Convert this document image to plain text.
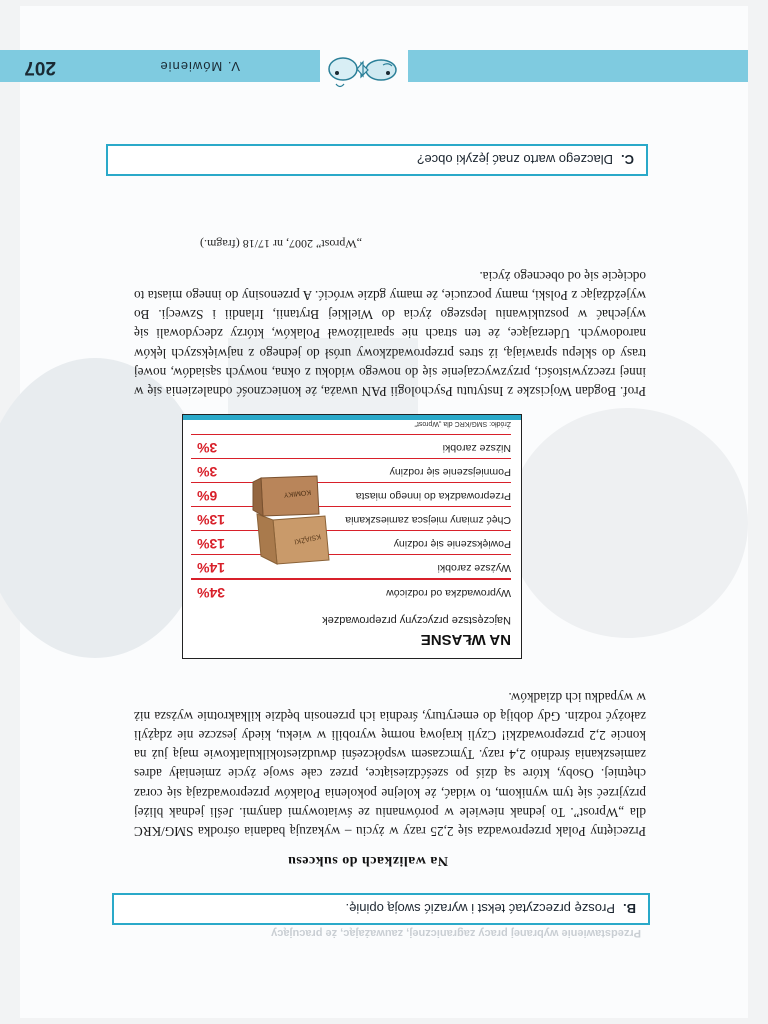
Przedstawienie wybranej pracy zagranicznej, zauważając, że pracujący
B.
Proszę przeczytać tekst i wyrazić swoją opinię.
Na walizkach do sukcesu

Przeciętny Polak przeprowadza się 2,25 razy w życiu – wykazują badania ośrodka SMG/KRC dla „Wprost”. To jednak niewiele w porównaniu ze światowymi danymi. Jeśli jednak bliżej przyjrzeć się tym wynikom, to widać, że kolejne pokolenia Polaków przeprowadzają się coraz chętniej. Osoby, które są dziś po sześćdziesiątce, przez całe swoje życie zmieniały adres zamieszkania średnio 2,4 razy. Tymczasem współcześni dwudziestokilkulatkowie mają już na koncie 2,2 przeprowadzki! Czyli krajową normę wyrobili w wieku, kiedy jeszcze nie zdążyli założyć rodzin. Gdy dobiją do emerytury, średnia ich przenosin będzie kilkakrotnie wyższa niż w wypadku ich dziadków.

Prof. Bogdan Wojciszke z Instytutu Psychologii PAN uważa, że konieczność odnalezienia się w innej rzeczywistości, przyzwyczajenie się do nowego widoku z okna, nowych sąsiadów, nowej trasy do sklepu sprawiają, iż stres przeprowadzkowy urósł do jednego z największych lęków narodowych. Uderzające, że ten strach nie sparaliżował Polaków, którzy zdecydowali się wyjechać w poszukiwaniu lepszego życia do Wielkiej Brytanii, Irlandii i Szwecji. Bo wyjeżdżając z Polski, mamy poczucie, że mamy gdzie wrócić. A przenosiny do innego miasta to odcięcie się od obecnego życia.

„Wprost” 2007, nr 17/18 (fragm.)

NA WŁASNE
Najczęstsze przyczyny przeprowadzek
Wyprowadzka od rodziców
34%
Wyższe zarobki
14%
Powiększenie się rodziny
13%
Chęć zmiany miejsca zamieszkania
13%
Przeprowadzka do innego miasta
6%
Pomniejszenie się rodziny
3%
Niższe zarobki
3%
KSIĄŻKI
KOMIKY
Źródło: SMG/KRC dla „Wprost”
C.
Dlaczego warto znać języki obce?
V. Mówienie
207
